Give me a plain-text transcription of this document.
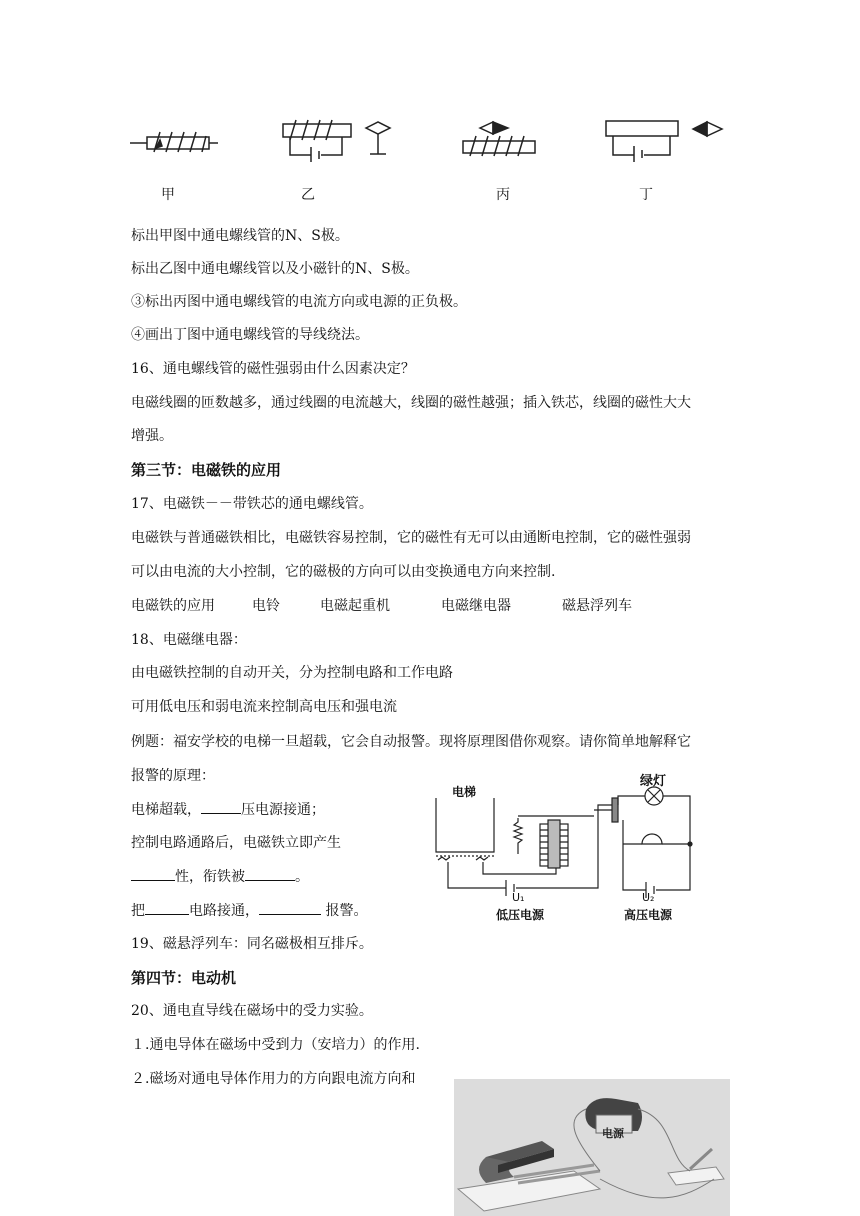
甲	乙	丙	丁
标出甲图中通电螺线管的N、S极。
标出乙图中通电螺线管以及小磁针的N、S极。
③标出丙图中通电螺线管的电流方向或电源的正负极。
④画出丁图中通电螺线管的导线绕法。
16、通电螺线管的磁性强弱由什么因素决定？
电磁线圈的匝数越多，通过线圈的电流越大，线圈的磁性越强；插入铁芯，线圈的磁性大大
增强。
第三节：电磁铁的应用
17、电磁铁－－带铁芯的通电螺线管。
电磁铁与普通磁铁相比，电磁铁容易控制，它的磁性有无可以由通断电控制，它的磁性强弱
可以由电流的大小控制，它的磁极的方向可以由变换通电方向来控制.
电磁铁的应用	电铃	电磁起重机	电磁继电器	磁悬浮列车
18、电磁继电器：
由电磁铁控制的自动开关，分为控制电路和工作电路
可用低电压和弱电流来控制高电压和强电流
例题：福安学校的电梯一旦超载，它会自动报警。现将原理图借你观察。请你简单地解释它
报警的原理：
电梯超载，	压电源接通；
控制电路通路后，电磁铁立即产生
性，衔铁被	。
把	电路接通，	报警。
电梯
绿灯
U₁	U₂
低压电源	高压电源
19、磁悬浮列车：同名磁极相互排斥。
第四节：电动机
20、通电直导线在磁场中的受力实验。
１.通电导体在磁场中受到力（安培力）的作用.
２.磁场对通电导体作用力的方向跟电流方向和
电源
